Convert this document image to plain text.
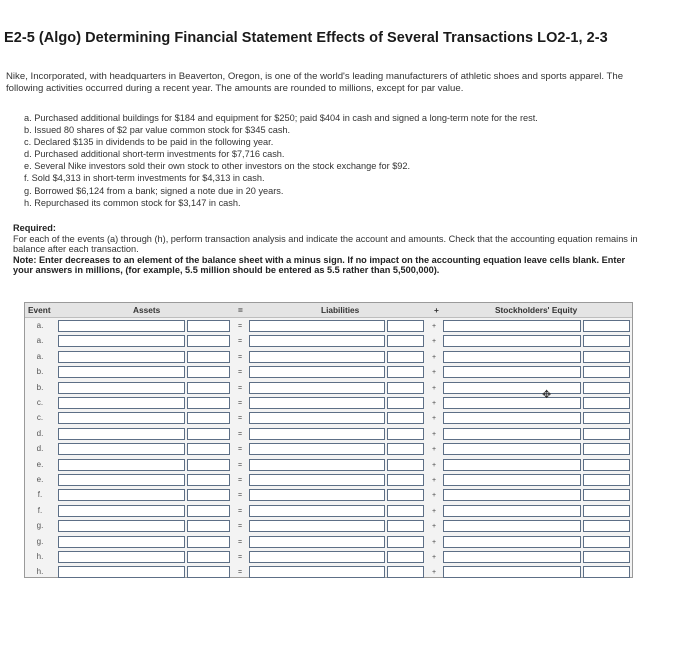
E2-5 (Algo) Determining Financial Statement Effects of Several Transactions LO2-1, 2-3
Nike, Incorporated, with headquarters in Beaverton, Oregon, is one of the world's leading manufacturers of athletic shoes and sports apparel. The following activities occurred during a recent year. The amounts are rounded to millions, except for par value.
a. Purchased additional buildings for $184 and equipment for $250; paid $404 in cash and signed a long-term note for the rest.
b. Issued 80 shares of $2 par value common stock for $345 cash.
c. Declared $135 in dividends to be paid in the following year.
d. Purchased additional short-term investments for $7,716 cash.
e. Several Nike investors sold their own stock to other investors on the stock exchange for $92.
f. Sold $4,313 in short-term investments for $4,313 in cash.
g. Borrowed $6,124 from a bank; signed a note due in 20 years.
h. Repurchased its common stock for $3,147 in cash.
Required:
For each of the events (a) through (h), perform transaction analysis and indicate the account and amounts. Check that the accounting equation remains in balance after each transaction.
Note: Enter decreases to an element of the balance sheet with a minus sign. If no impact on the accounting equation leave cells blank. Enter your answers in millions, (for example, 5.5 million should be entered as 5.5 rather than 5,500,000).
Event	Assets	=	Liabilities	+	Stockholders' Equity
a.	=	+
a.	=	+
a.	=	+
b.	=	+
b.	=	+
c.	=	+
c.	=	+
d.	=	+
d.	=	+
e.	=	+
e.	=	+
f.	=	+
f.	=	+
g.	=	+
g.	=	+
h.	=	+
h.	=	+
✥
